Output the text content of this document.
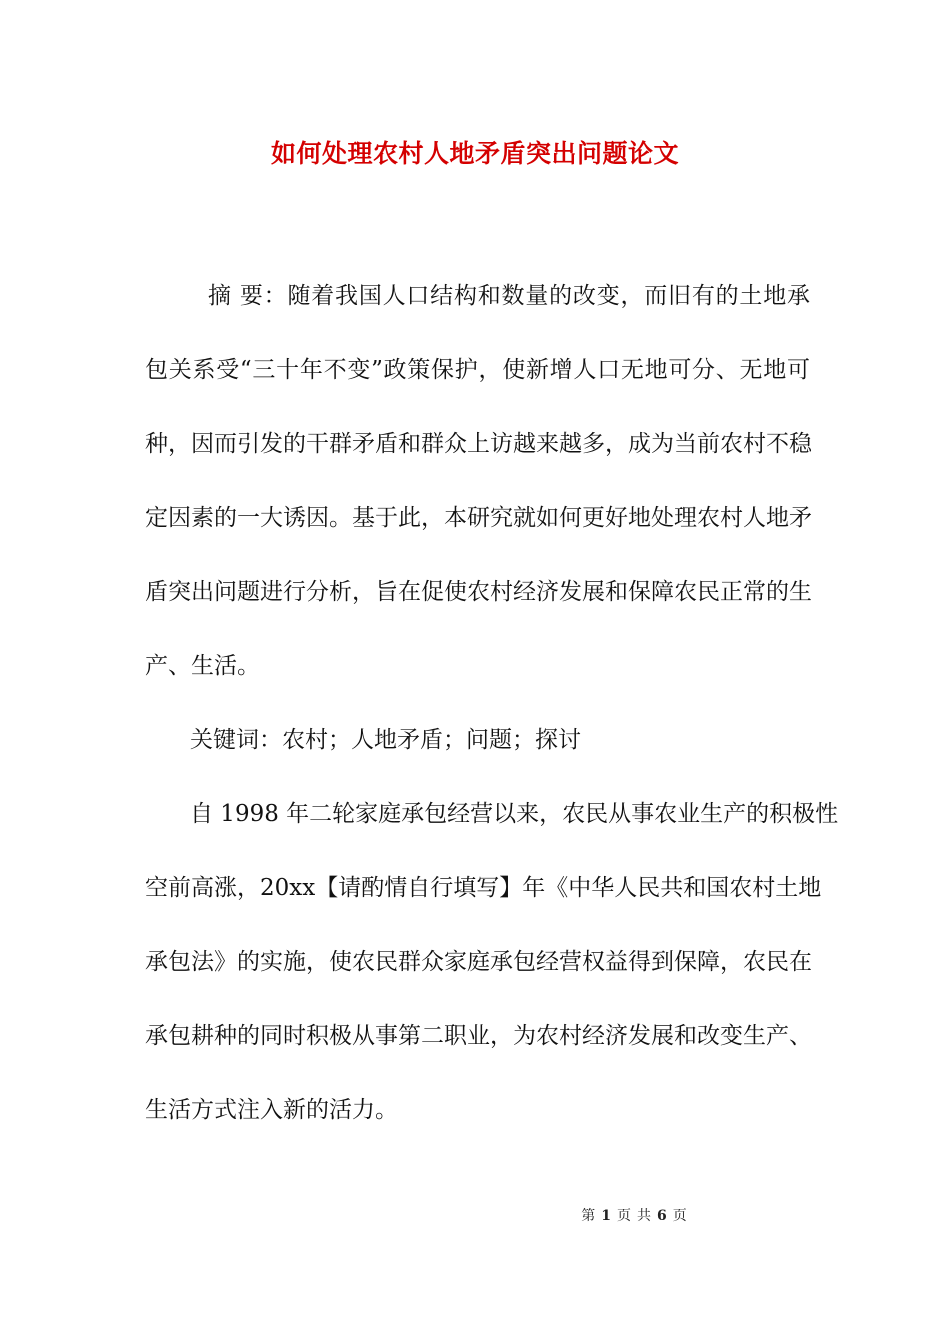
如何处理农村人地矛盾突出问题论文
摘 要：随着我国人口结构和数量的改变，而旧有的土地承
包关系受“三十年不变”政策保护，使新增人口无地可分、无地可
种，因而引发的干群矛盾和群众上访越来越多，成为当前农村不稳
定因素的一大诱因。基于此，本研究就如何更好地处理农村人地矛
盾突出问题进行分析，旨在促使农村经济发展和保障农民正常的生
产、生活。
关键词：农村；人地矛盾；问题；探讨
自 1998 年二轮家庭承包经营以来，农民从事农业生产的积极性
空前高涨，20xx【请酌情自行填写】年《中华人民共和国农村土地
承包法》的实施，使农民群众家庭承包经营权益得到保障，农民在
承包耕种的同时积极从事第二职业，为农村经济发展和改变生产、
生活方式注入新的活力。
第 1 页 共 6 页
